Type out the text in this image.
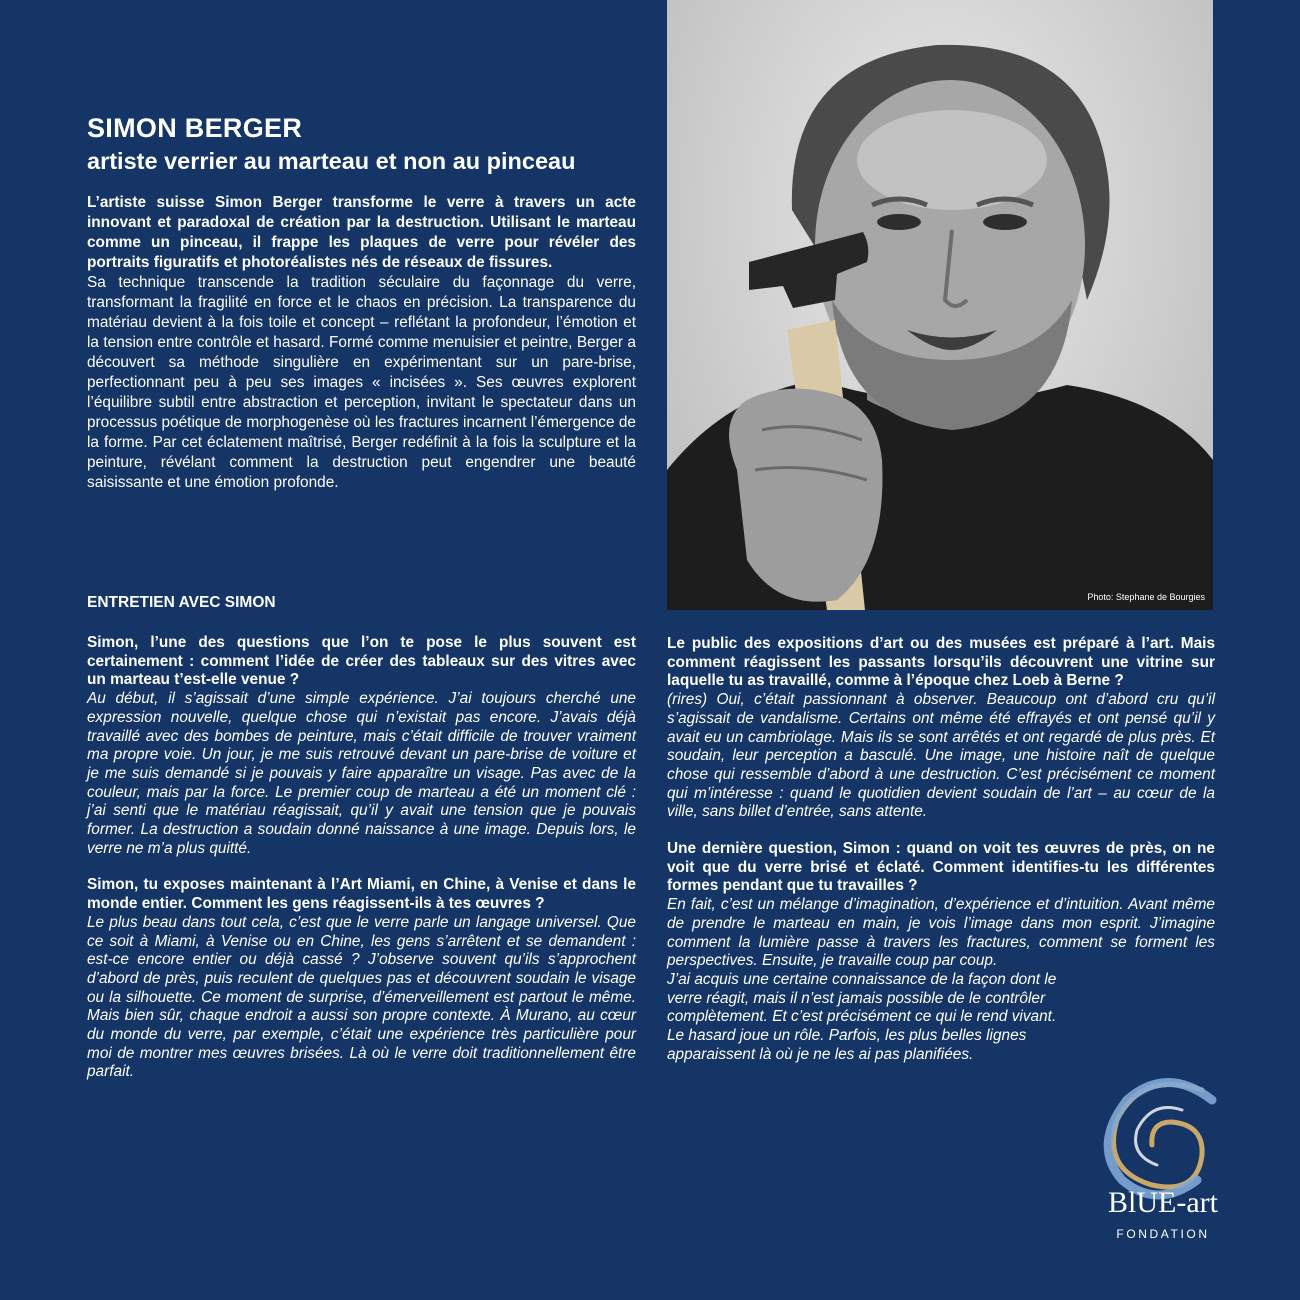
SIMON BERGER
artiste verrier au marteau et non au pinceau

L’artiste suisse Simon Berger transforme le verre à travers un acte innovant et paradoxal de création par la destruction. Utilisant le marteau comme un pinceau, il frappe les plaques de verre pour révéler des portraits figuratifs et photoréalistes nés de réseaux de fissures.

Sa technique transcende la tradition séculaire du façonnage du verre, transformant la fragilité en force et le chaos en précision. La transparence du matériau devient à la fois toile et concept – reflétant la profondeur, l’émotion et la tension entre contrôle et hasard. Formé comme menuisier et peintre, Berger a découvert sa méthode singulière en expérimentant sur un pare-brise, perfectionnant peu à peu ses images « incisées ». Ses œuvres explorent l’équilibre subtil entre abstraction et perception, invitant le spectateur dans un processus poétique de morphogenèse où les fractures incarnent l’émergence de la forme. Par cet éclatement maîtrisé, Berger redéfinit à la fois la sculpture et la peinture, révélant comment la destruction peut engendrer une beauté saisissante et une émotion profonde.

Photo: Stephane de Bourgies
ENTRETIEN AVEC SIMON

Simon, l’une des questions que l’on te pose le plus souvent est certainement : comment l’idée de créer des tableaux sur des vitres avec un marteau t’est-elle venue ?

Au début, il s’agissait d’une simple expérience. J’ai toujours cherché une expression nouvelle, quelque chose qui n’existait pas encore. J’avais déjà travaillé avec des bombes de peinture, mais c’était difficile de trouver vraiment ma propre voie. Un jour, je me suis retrouvé devant un pare-brise de voiture et je me suis demandé si je pouvais y faire apparaître un visage. Pas avec de la couleur, mais par la force. Le premier coup de marteau a été un moment clé : j’ai senti que le matériau réagissait, qu’il y avait une tension que je pouvais former. La destruction a soudain donné naissance à une image. Depuis lors, le verre ne m’a plus quitté.

Simon, tu exposes maintenant à l’Art Miami, en Chine, à Venise et dans le monde entier. Comment les gens réagissent-ils à tes œuvres ?

Le plus beau dans tout cela, c’est que le verre parle un langage universel. Que ce soit à Miami, à Venise ou en Chine, les gens s’arrêtent et se demandent : est-ce encore entier ou déjà cassé ? J’observe souvent qu’ils s’approchent d’abord de près, puis reculent de quelques pas et découvrent soudain le visage ou la silhouette. Ce moment de surprise, d’émerveillement est partout le même. Mais bien sûr, chaque endroit a aussi son propre contexte. À Murano, au cœur du monde du verre, par exemple, c’était une expérience très particulière pour moi de montrer mes œuvres brisées. Là où le verre doit traditionnellement être parfait.

Le public des expositions d’art ou des musées est préparé à l’art. Mais comment réagissent les passants lorsqu’ils découvrent une vitrine sur laquelle tu as travaillé, comme à l’époque chez Loeb à Berne ?

(rires) Oui, c’était passionnant à observer. Beaucoup ont d’abord cru qu’il s’agissait de vandalisme. Certains ont même été effrayés et ont pensé qu’il y avait eu un cambriolage. Mais ils se sont arrêtés et ont regardé de plus près. Et soudain, leur perception a basculé. Une image, une histoire naît de quelque chose qui ressemble d’abord à une destruction. C’est précisément ce moment qui m’intéresse : quand le quotidien devient soudain de l’art – au cœur de la ville, sans billet d’entrée, sans attente.

Une dernière question, Simon : quand on voit tes œuvres de près, on ne voit que du verre brisé et éclaté. Comment identifies-tu les différentes formes pendant que tu travailles ?

En fait, c’est un mélange d’imagination, d’expérience et d’intuition. Avant même de prendre le marteau en main, je vois l’image dans mon esprit. J’imagine comment la lumière passe à travers les fractures, comment se forment les perspectives. Ensuite, je travaille coup par coup.

J’ai acquis une certaine connaissance de la façon dont le verre réagit, mais il n’est jamais possible de le contrôler complètement. Et c’est précisément ce qui le rend vivant. Le hasard joue un rôle. Parfois, les plus belles lignes apparaissent là où je ne les ai pas planifiées.

BlUE-art

FONDATION
